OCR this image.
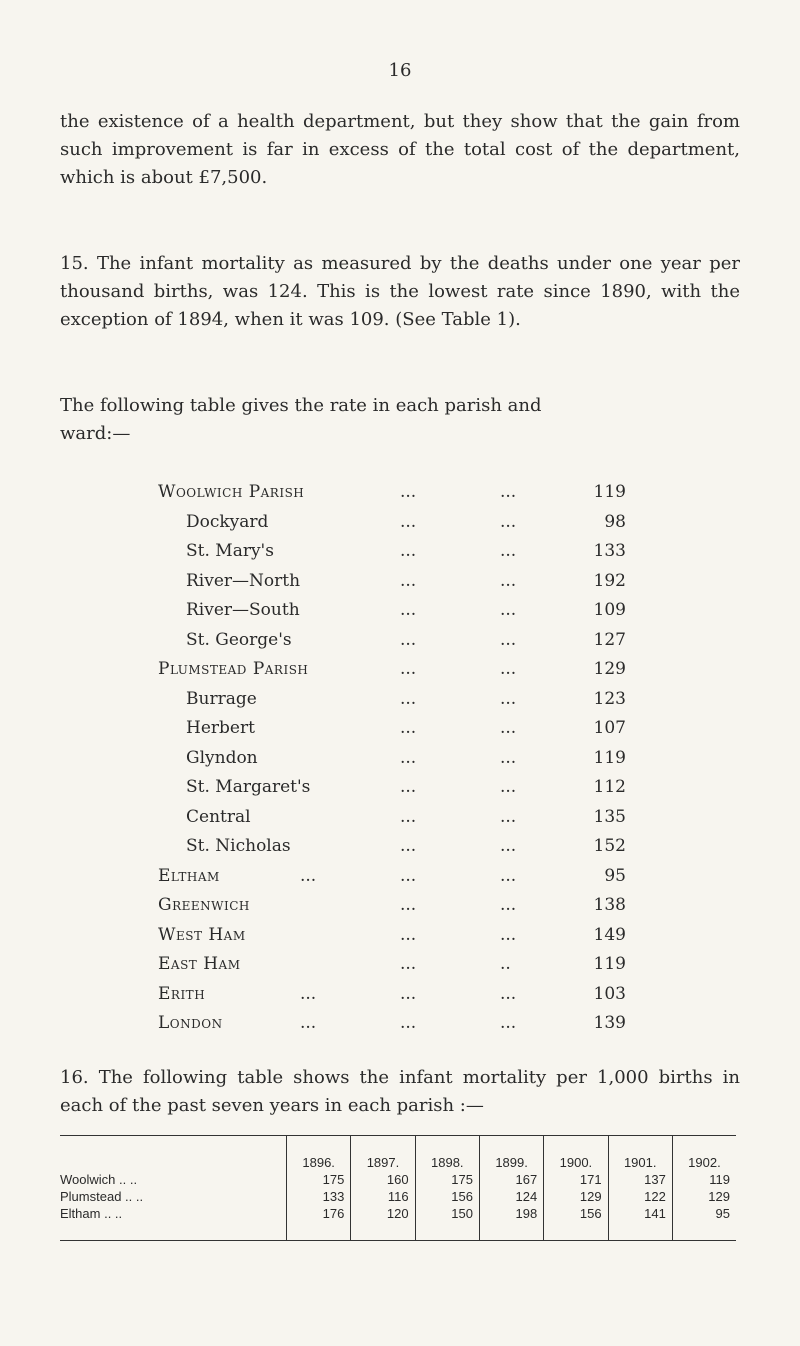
16

the existence of a health department, but they show that the gain from such improvement is far in excess of the total cost of the department, which is about £7,500.

15. The infant mortality as measured by the deaths under one year per thousand births, was 124. This is the lowest rate since 1890, with the exception of 1894, when it was 109. (See Table 1).

The following table gives the rate in each parish and
ward:—

Woolwich Parish	...	...	119
Dockyard	...	...	98
St. Mary's	...	...	133
River—North	...	...	192
River—South	...	...	109
St. George's	...	...	127
Plumstead Parish	...	...	129
Burrage	...	...	123
Herbert	...	...	107
Glyndon	...	...	119
St. Margaret's	...	...	112
Central	...	...	135
St. Nicholas	...	...	152
Eltham	...	...	...	95
Greenwich	...	...	138
West Ham	...	...	149
East Ham	...	..	119
Erith	...	...	...	103
London	...	...	...	139

16. The following table shows the infant mortality per 1,000 births in each of the past seven years in each parish :—

	1896.	1897.	1898.	1899.	1900.	1901.	1902.
Woolwich .. ..	175	160	175	167	171	137	119
Plumstead .. ..	133	116	156	124	129	122	129
Eltham .. ..	176	120	150	198	156	141	95
